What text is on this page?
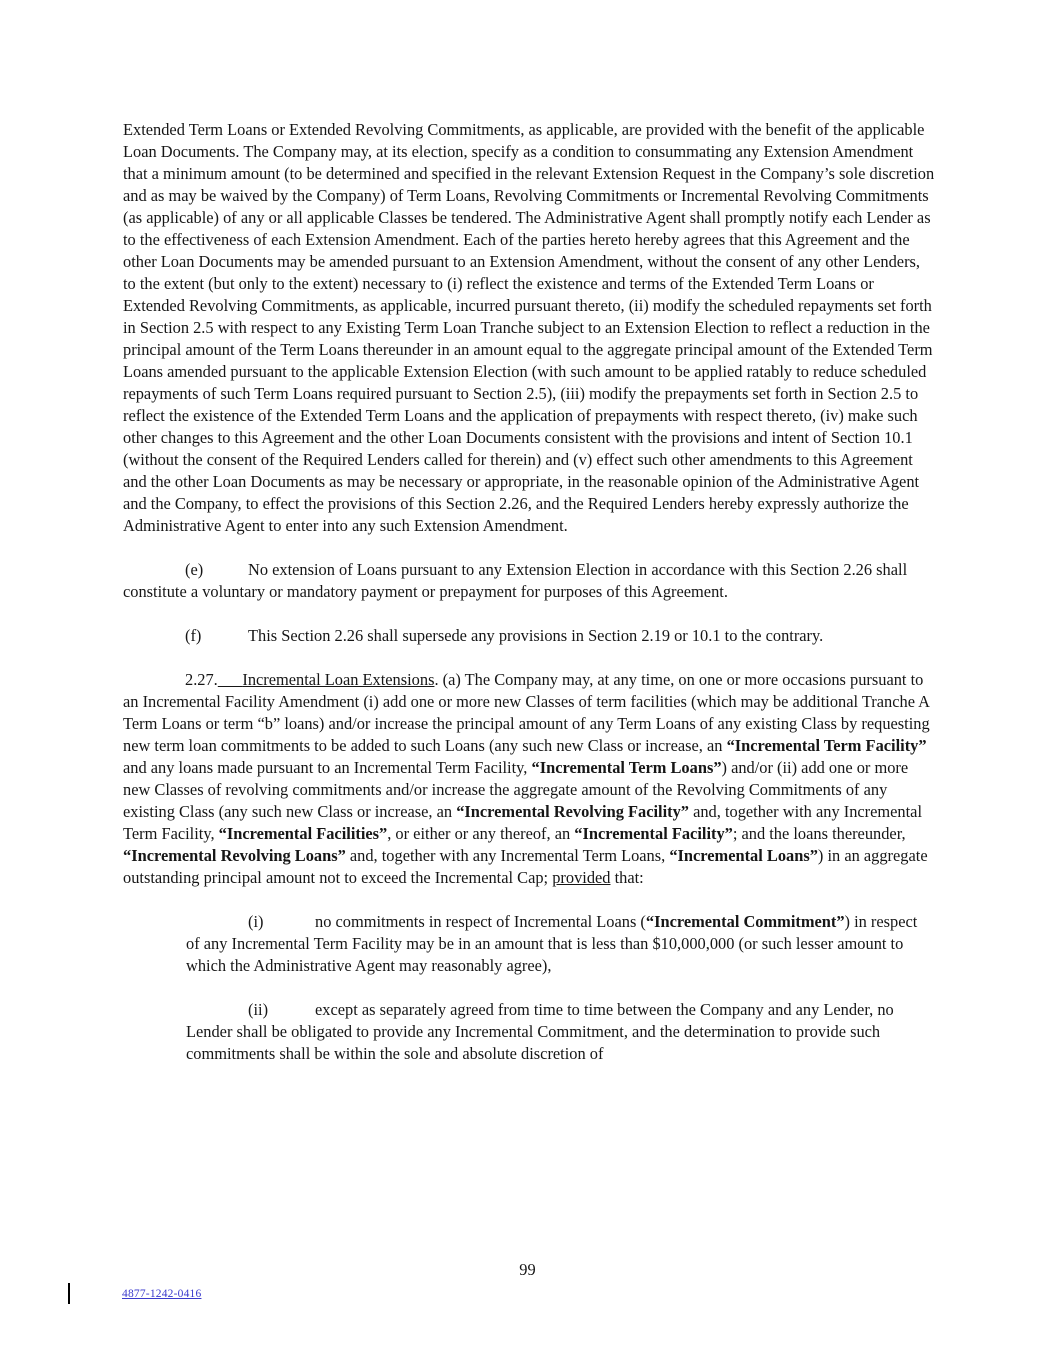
Extended Term Loans or Extended Revolving Commitments, as applicable, are provided with the benefit of the applicable Loan Documents. The Company may, at its election, specify as a condition to consummating any Extension Amendment that a minimum amount (to be determined and specified in the relevant Extension Request in the Company’s sole discretion and as may be waived by the Company) of Term Loans, Revolving Commitments or Incremental Revolving Commitments (as applicable) of any or all applicable Classes be tendered. The Administrative Agent shall promptly notify each Lender as to the effectiveness of each Extension Amendment. Each of the parties hereto hereby agrees that this Agreement and the other Loan Documents may be amended pursuant to an Extension Amendment, without the consent of any other Lenders, to the extent (but only to the extent) necessary to (i) reflect the existence and terms of the Extended Term Loans or Extended Revolving Commitments, as applicable, incurred pursuant thereto, (ii) modify the scheduled repayments set forth in Section 2.5 with respect to any Existing Term Loan Tranche subject to an Extension Election to reflect a reduction in the principal amount of the Term Loans thereunder in an amount equal to the aggregate principal amount of the Extended Term Loans amended pursuant to the applicable Extension Election (with such amount to be applied ratably to reduce scheduled repayments of such Term Loans required pursuant to Section 2.5), (iii) modify the prepayments set forth in Section 2.5 to reflect the existence of the Extended Term Loans and the application of prepayments with respect thereto, (iv) make such other changes to this Agreement and the other Loan Documents consistent with the provisions and intent of Section 10.1 (without the consent of the Required Lenders called for therein) and (v) effect such other amendments to this Agreement and the other Loan Documents as may be necessary or appropriate, in the reasonable opinion of the Administrative Agent and the Company, to effect the provisions of this Section 2.26, and the Required Lenders hereby expressly authorize the Administrative Agent to enter into any such Extension Amendment.

(e)	No extension of Loans pursuant to any Extension Election in accordance with this Section 2.26 shall constitute a voluntary or mandatory payment or prepayment for purposes of this Agreement.

(f)	This Section 2.26 shall supersede any provisions in Section 2.19 or 10.1 to the contrary.

2.27. Incremental Loan Extensions. (a) The Company may, at any time, on one or more occasions pursuant to an Incremental Facility Amendment (i) add one or more new Classes of term facilities (which may be additional Tranche A Term Loans or term “b” loans) and/or increase the principal amount of any Term Loans of any existing Class by requesting new term loan commitments to be added to such Loans (any such new Class or increase, an “Incremental Term Facility” and any loans made pursuant to an Incremental Term Facility, “Incremental Term Loans”) and/or (ii) add one or more new Classes of revolving commitments and/or increase the aggregate amount of the Revolving Commitments of any existing Class (any such new Class or increase, an “Incremental Revolving Facility” and, together with any Incremental Term Facility, “Incremental Facilities”, or either or any thereof, an “Incremental Facility”; and the loans thereunder, “Incremental Revolving Loans” and, together with any Incremental Term Loans, “Incremental Loans”) in an aggregate outstanding principal amount not to exceed the Incremental Cap; provided that:

(i)	no commitments in respect of Incremental Loans (“Incremental Commitment”) in respect of any Incremental Term Facility may be in an amount that is less than $10,000,000 (or such lesser amount to which the Administrative Agent may reasonably agree),

(ii)	except as separately agreed from time to time between the Company and any Lender, no Lender shall be obligated to provide any Incremental Commitment, and the determination to provide such commitments shall be within the sole and absolute discretion of

99
4877-1242-0416
